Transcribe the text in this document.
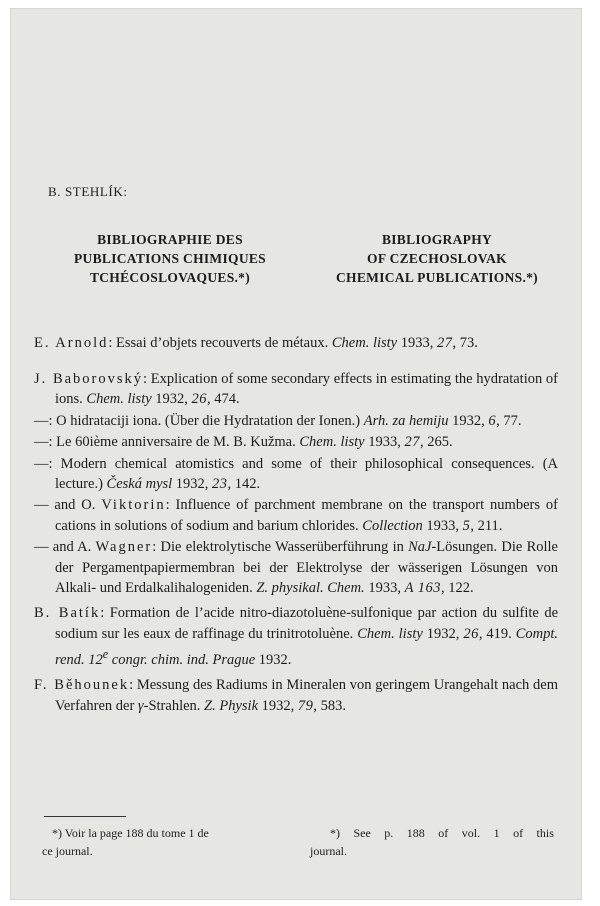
B. STEHLÍK:
BIBLIOGRAPHIE DES
PUBLICATIONS CHIMIQUES
TCHÉCOSLOVAQUES.*)
BIBLIOGRAPHY
OF CZECHOSLOVAK
CHEMICAL PUBLICATIONS.*)

E. Arnold: Essai d’objets recouverts de métaux. Chem. listy 1933, 27, 73.

J. Baborovský: Explication of some secondary effects in estimating the hydratation of ions. Chem. listy 1932, 26, 474.

—: O hidrataciji iona. (Über die Hydratation der Ionen.) Arh. za hemiju 1932, 6, 77.

—: Le 60ième anniversaire de M. B. Kužma. Chem. listy 1933, 27, 265.

—: Modern chemical atomistics and some of their philosophical consequences. (A lecture.) Česká mysl 1932, 23, 142.

— and O. Viktorin: Influence of parchment membrane on the transport numbers of cations in solutions of sodium and barium chlorides. Collection 1933, 5, 211.

— and A. Wagner: Die elektrolytische Wasserüberführung in NaJ-Lösungen. Die Rolle der Pergamentpapiermembran bei der Elektrolyse der wässerigen Lösungen von Alkali- und Erdalkalihalogeniden. Z. physikal. Chem. 1933, A 163, 122.

B. Batík: Formation de l’acide nitro-diazotoluène-sulfonique par action du sulfite de sodium sur les eaux de raffinage du trinitrotoluène. Chem. listy 1932, 26, 419. Compt. rend. 12e congr. chim. ind. Prague 1932.

F. Běhounek: Messung des Radiums in Mineralen von geringem Urangehalt nach dem Verfahren der γ-Strahlen. Z. Physik 1932, 79, 583.

*) Voir la page 188 du tome 1 de
ce journal.
*) See p. 188 of vol. 1 of this
journal.
